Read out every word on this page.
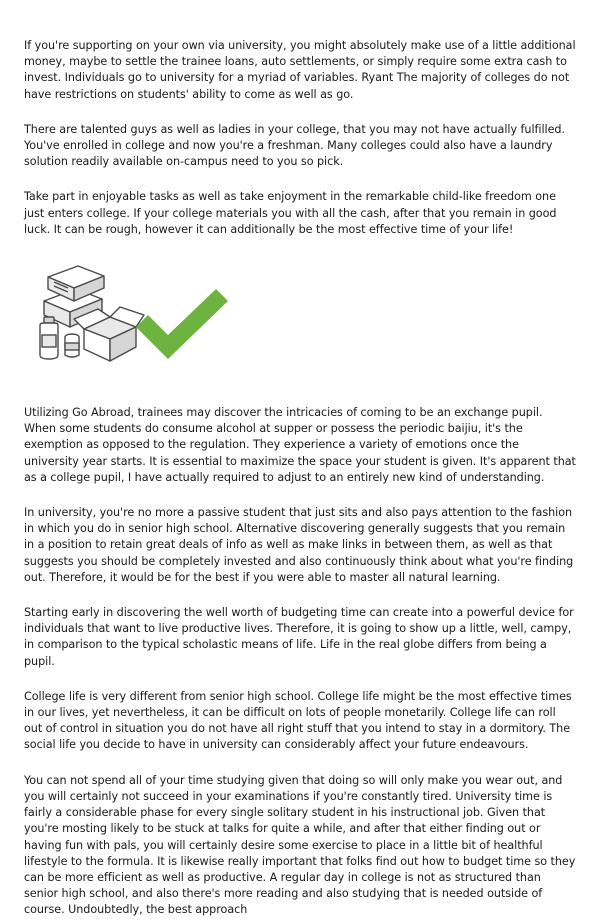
If you're supporting on your own via university, you might absolutely make use of a little additional money, maybe to settle the trainee loans, auto settlements, or simply require some extra cash to invest. Individuals go to university for a myriad of variables. Ryant The majority of colleges do not have restrictions on students' ability to come as well as go.

There are talented guys as well as ladies in your college, that you may not have actually fulfilled. You've enrolled in college and now you're a freshman. Many colleges could also have a laundry solution readily available on-campus need to you so pick.

Take part in enjoyable tasks as well as take enjoyment in the remarkable child-like freedom one just enters college. If your college materials you with all the cash, after that you remain in good luck. It can be rough, however it can additionally be the most effective time of your life!

Utilizing Go Abroad, trainees may discover the intricacies of coming to be an exchange pupil. When some students do consume alcohol at supper or possess the periodic baijiu, it's the exemption as opposed to the regulation. They experience a variety of emotions once the university year starts. It is essential to maximize the space your student is given. It's apparent that as a college pupil, I have actually required to adjust to an entirely new kind of understanding.

In university, you're no more a passive student that just sits and also pays attention to the fashion in which you do in senior high school. Alternative discovering generally suggests that you remain in a position to retain great deals of info as well as make links in between them, as well as that suggests you should be completely invested and also continuously think about what you're finding out. Therefore, it would be for the best if you were able to master all natural learning.

Starting early in discovering the well worth of budgeting time can create into a powerful device for individuals that want to live productive lives. Therefore, it is going to show up a little, well, campy, in comparison to the typical scholastic means of life. Life in the real globe differs from being a pupil.

College life is very different from senior high school. College life might be the most effective times in our lives, yet nevertheless, it can be difficult on lots of people monetarily. College life can roll out of control in situation you do not have all right stuff that you intend to stay in a dormitory. The social life you decide to have in university can considerably affect your future endeavours.

You can not spend all of your time studying given that doing so will only make you wear out, and you will certainly not succeed in your examinations if you're constantly tired. University time is fairly a considerable phase for every single solitary student in his instructional job. Given that you're mosting likely to be stuck at talks for quite a while, and after that either finding out or having fun with pals, you will certainly desire some exercise to place in a little bit of healthful lifestyle to the formula. It is likewise really important that folks find out how to budget time so they can be more efficient as well as productive. A regular day in college is not as structured than senior high school, and also there's more reading and also studying that is needed outside of course. Undoubtedly, the best approach
